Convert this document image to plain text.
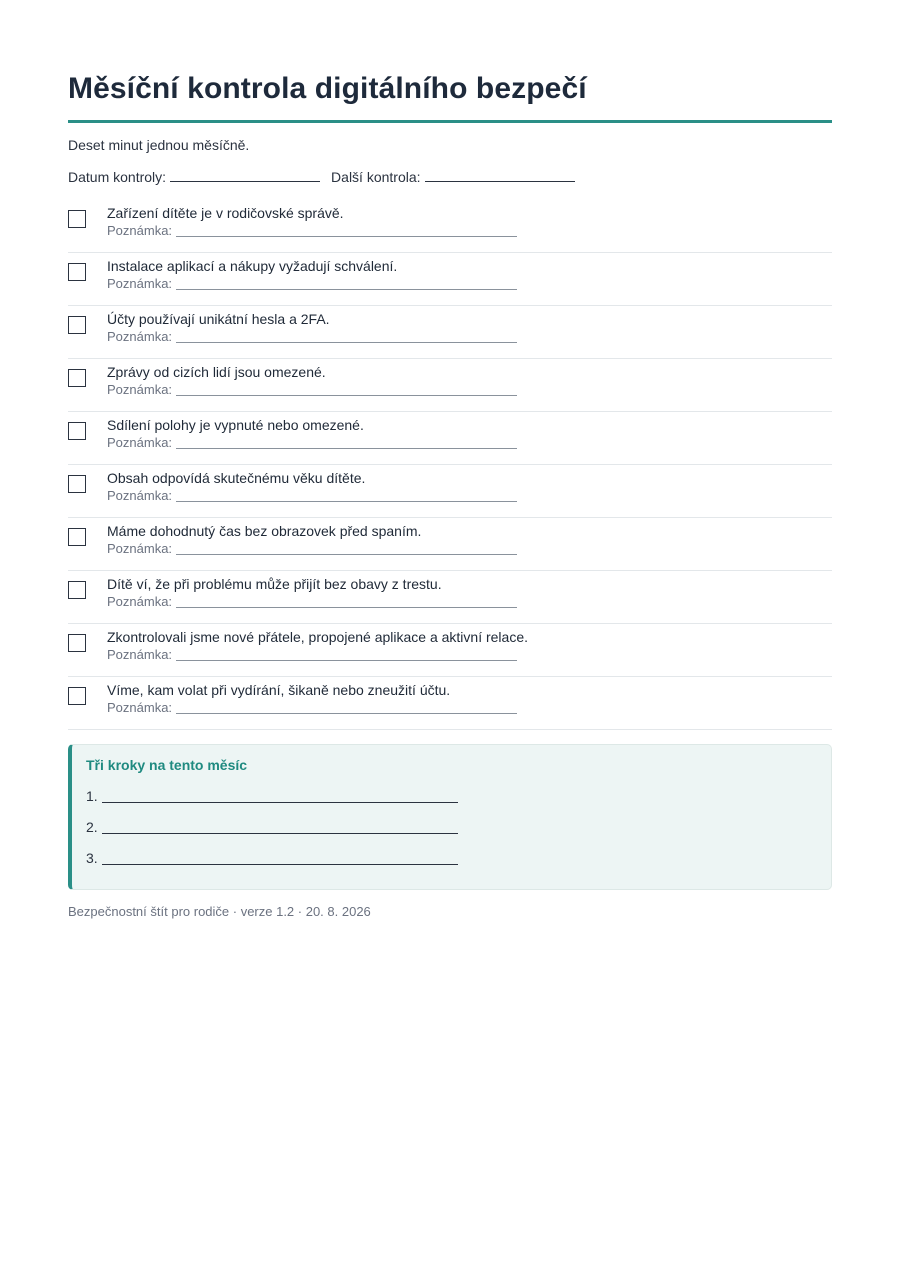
Měsíční kontrola digitálního bezpečí
Deset minut jednou měsíčně.
Datum kontroly:	Další kontrola:
Zařízení dítěte je v rodičovské správě.
Poznámka:
Instalace aplikací a nákupy vyžadují schválení.
Poznámka:
Účty používají unikátní hesla a 2FA.
Poznámka:
Zprávy od cizích lidí jsou omezené.
Poznámka:
Sdílení polohy je vypnuté nebo omezené.
Poznámka:
Obsah odpovídá skutečnému věku dítěte.
Poznámka:
Máme dohodnutý čas bez obrazovek před spaním.
Poznámka:
Dítě ví, že při problému může přijít bez obavy z trestu.
Poznámka:
Zkontrolovali jsme nové přátele, propojené aplikace a aktivní relace.
Poznámka:
Víme, kam volat při vydírání, šikaně nebo zneužití účtu.
Poznámka:
Tři kroky na tento měsíc
1.
2.
3.
Bezpečnostní štít pro rodiče · verze 1.2 · 20. 8. 2026
